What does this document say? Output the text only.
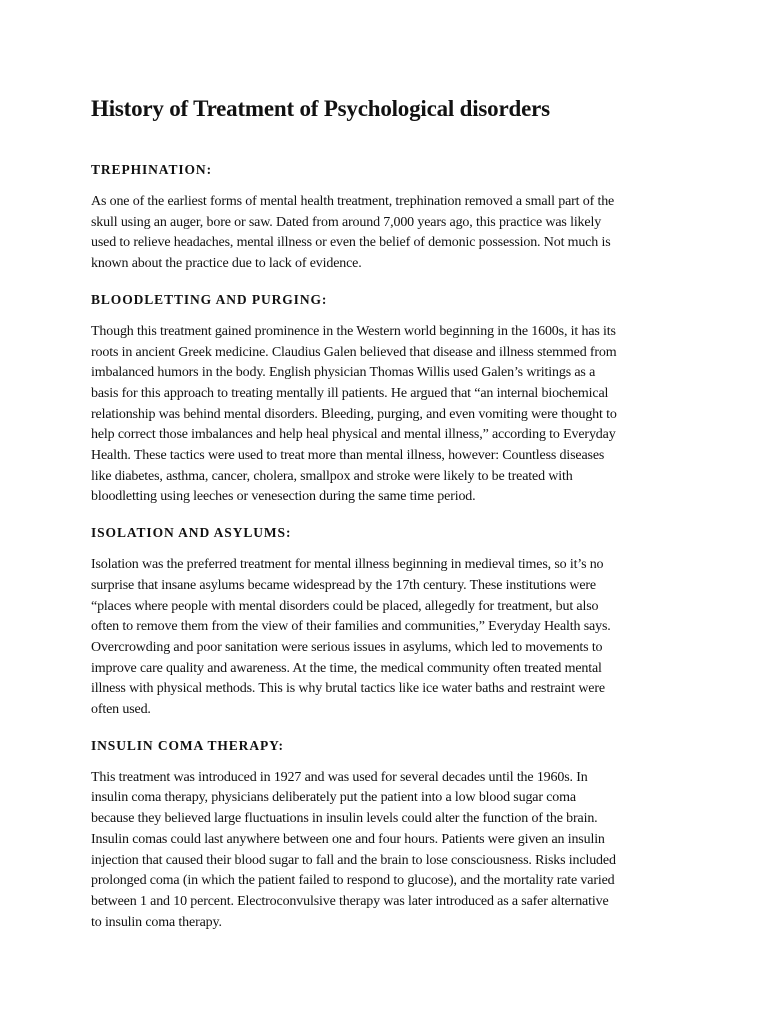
History of Treatment of Psychological disorders
TREPHINATION:
As one of the earliest forms of mental health treatment, trephination removed a small part of the
skull using an auger, bore or saw. Dated from around 7,000 years ago, this practice was likely
used to relieve headaches, mental illness or even the belief of demonic possession. Not much is
known about the practice due to lack of evidence.
BLOODLETTING AND PURGING:
Though this treatment gained prominence in the Western world beginning in the 1600s, it has its
roots in ancient Greek medicine. Claudius Galen believed that disease and illness stemmed from
imbalanced humors in the body. English physician Thomas Willis used Galen’s writings as a
basis for this approach to treating mentally ill patients. He argued that “an internal biochemical
relationship was behind mental disorders. Bleeding, purging, and even vomiting were thought to
help correct those imbalances and help heal physical and mental illness,” according to Everyday
Health. These tactics were used to treat more than mental illness, however: Countless diseases
like diabetes, asthma, cancer, cholera, smallpox and stroke were likely to be treated with
bloodletting using leeches or venesection during the same time period.
ISOLATION AND ASYLUMS:
Isolation was the preferred treatment for mental illness beginning in medieval times, so it’s no
surprise that insane asylums became widespread by the 17th century. These institutions were
“places where people with mental disorders could be placed, allegedly for treatment, but also
often to remove them from the view of their families and communities,” Everyday Health says.
Overcrowding and poor sanitation were serious issues in asylums, which led to movements to
improve care quality and awareness. At the time, the medical community often treated mental
illness with physical methods. This is why brutal tactics like ice water baths and restraint were
often used.
INSULIN COMA THERAPY:
This treatment was introduced in 1927 and was used for several decades until the 1960s. In
insulin coma therapy, physicians deliberately put the patient into a low blood sugar coma
because they believed large fluctuations in insulin levels could alter the function of the brain.
Insulin comas could last anywhere between one and four hours. Patients were given an insulin
injection that caused their blood sugar to fall and the brain to lose consciousness. Risks included
prolonged coma (in which the patient failed to respond to glucose), and the mortality rate varied
between 1 and 10 percent. Electroconvulsive therapy was later introduced as a safer alternative
to insulin coma therapy.
